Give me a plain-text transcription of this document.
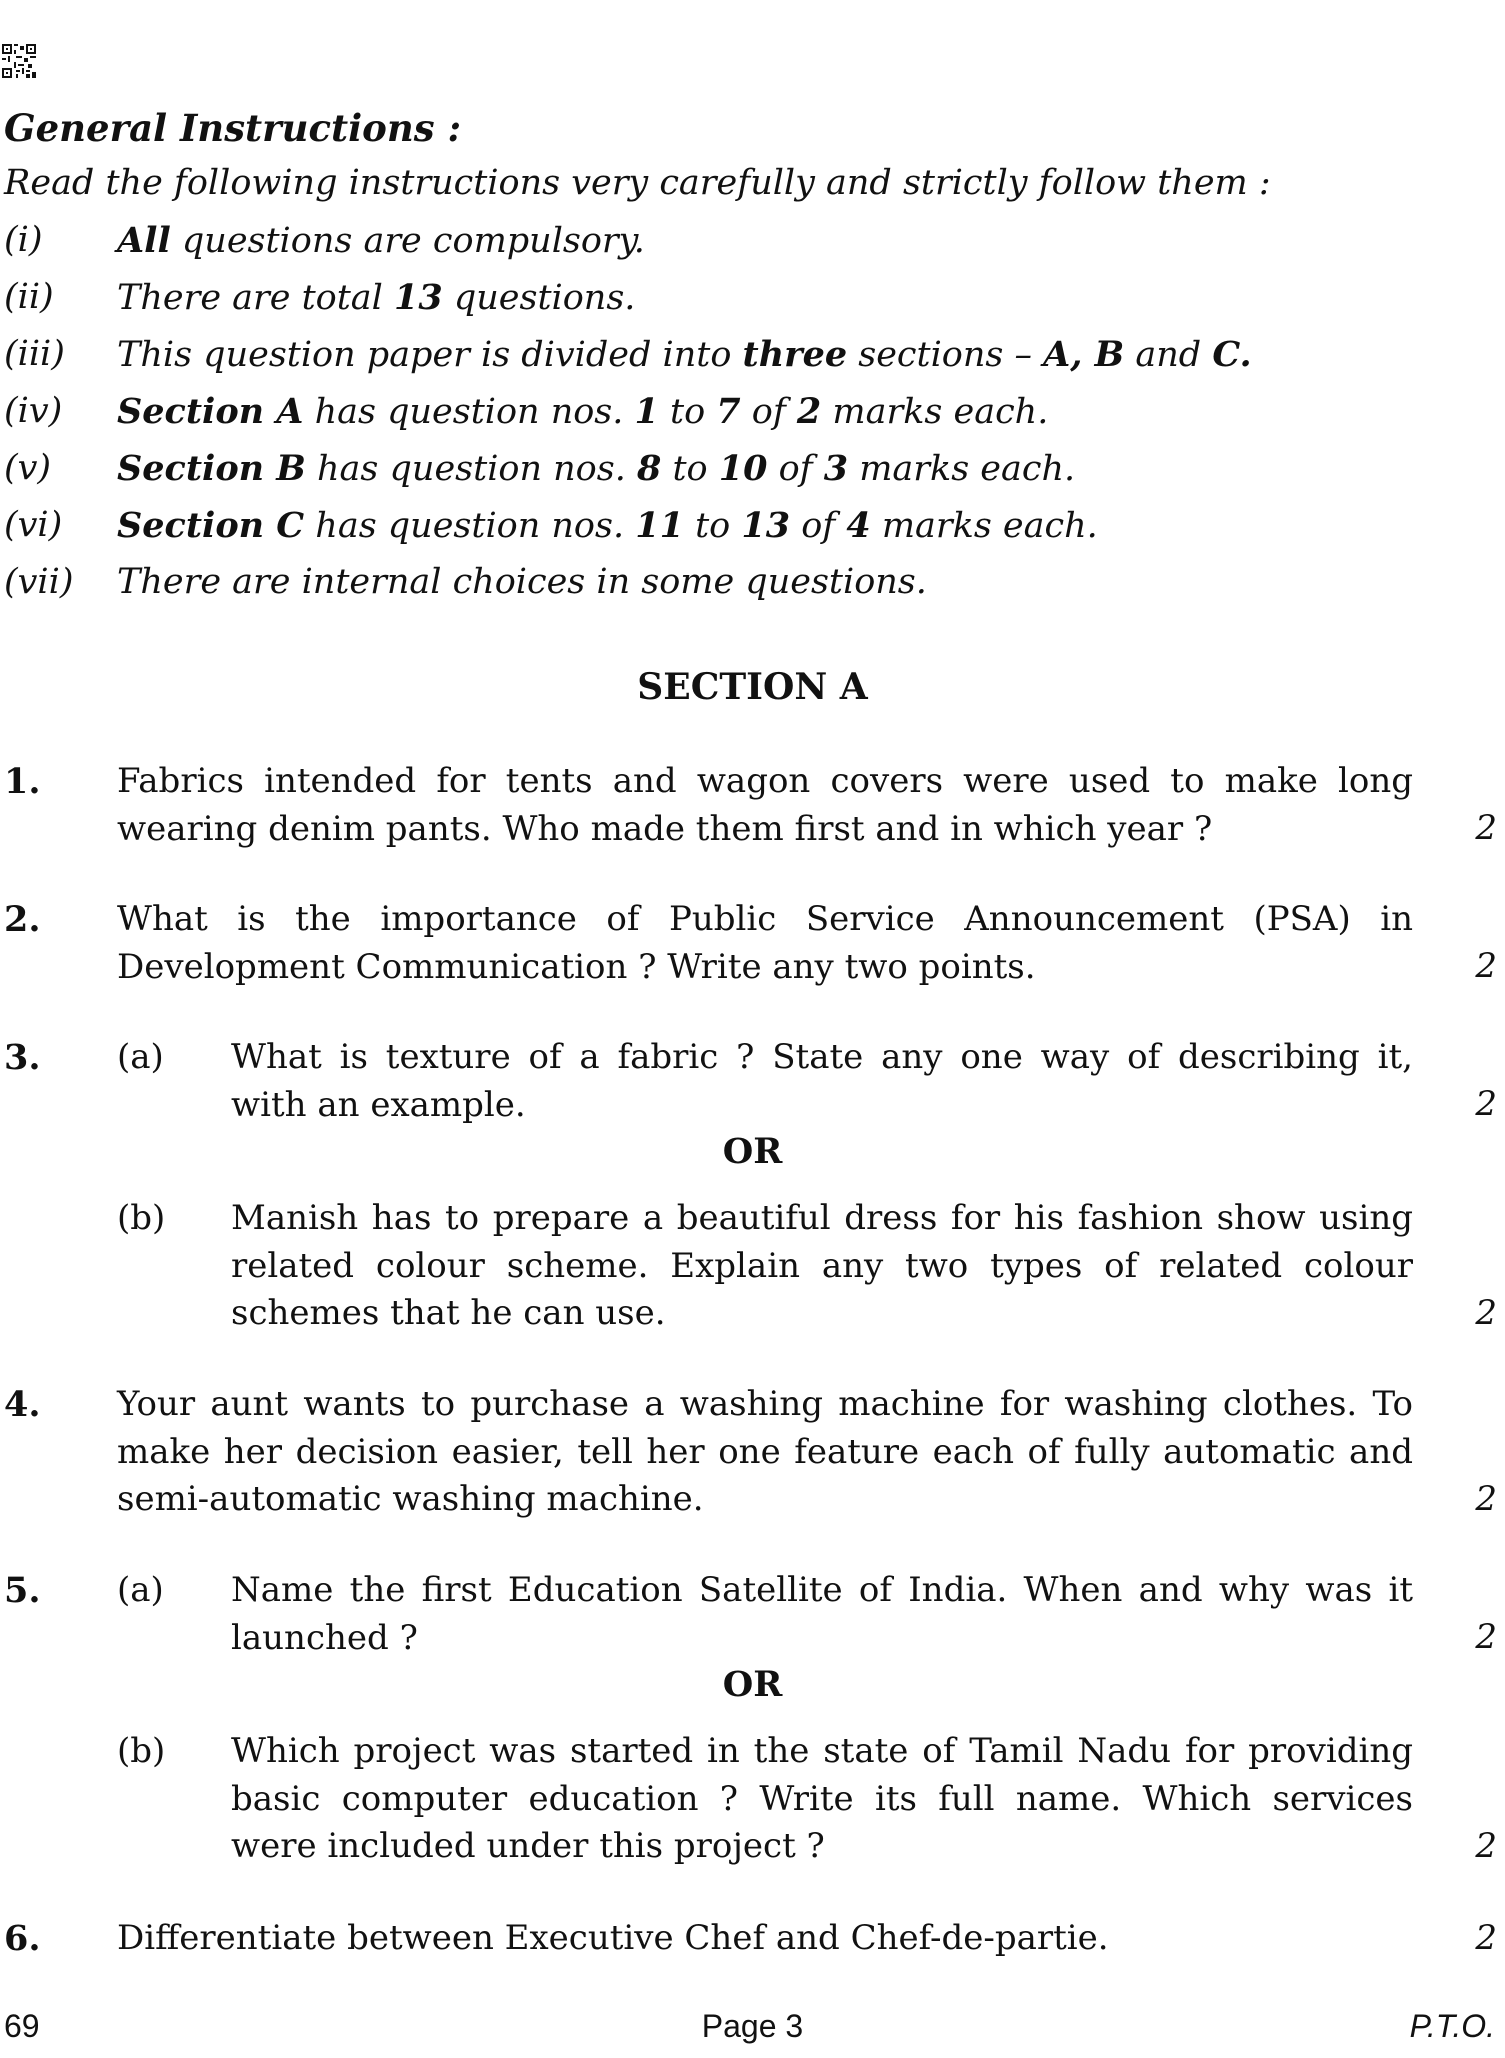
General Instructions :
Read the following instructions very carefully and strictly follow them :
(i) All questions are compulsory.
(ii) There are total 13 questions.
(iii) This question paper is divided into three sections – A, B and C.
(iv) Section A has question nos. 1 to 7 of 2 marks each.
(v) Section B has question nos. 8 to 10 of 3 marks each.
(vi) Section C has question nos. 11 to 13 of 4 marks each.
(vii) There are internal choices in some questions.
SECTION A
1. Fabrics intended for tents and wagon covers were used to make long
wearing denim pants. Who made them first and in which year ?	2
2. What is the importance of Public Service Announcement (PSA) in
Development Communication ? Write any two points.	2
3. (a) What is texture of a fabric ? State any one way of describing it,
with an example.	2
OR
(b) Manish has to prepare a beautiful dress for his fashion show using
related colour scheme. Explain any two types of related colour
schemes that he can use.	2
4. Your aunt wants to purchase a washing machine for washing clothes. To
make her decision easier, tell her one feature each of fully automatic and
semi-automatic washing machine.	2
5. (a) Name the first Education Satellite of India. When and why was it
launched ?	2
OR
(b) Which project was started in the state of Tamil Nadu for providing
basic computer education ? Write its full name. Which services
were included under this project ?	2
6. Differentiate between Executive Chef and Chef-de-partie.	2
69	Page 3	P.T.O.
